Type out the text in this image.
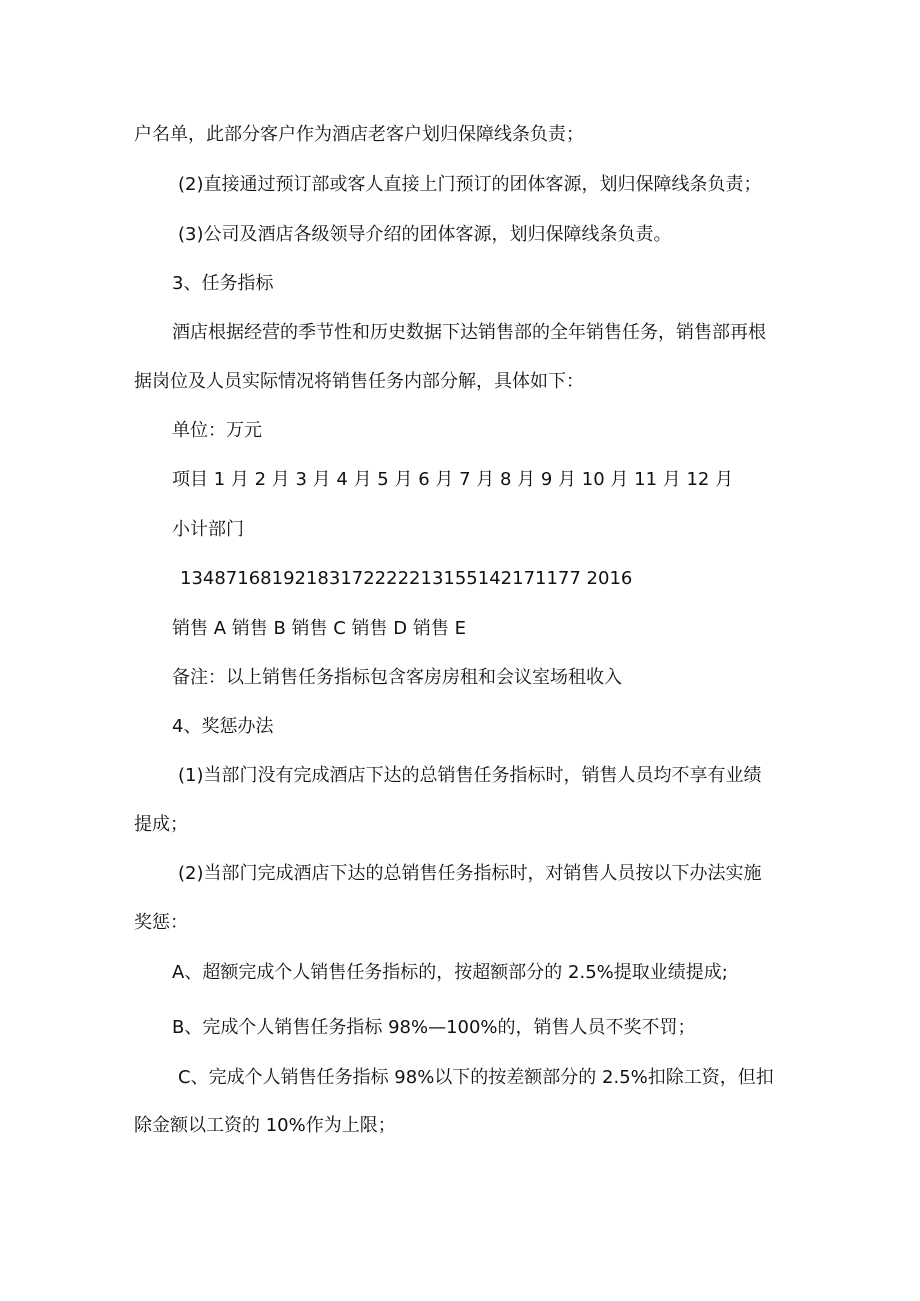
户名单，此部分客户作为酒店老客户划归保障线条负责；
(2)直接通过预订部或客人直接上门预订的团体客源，划归保障线条负责；
(3)公司及酒店各级领导介绍的团体客源，划归保障线条负责。
3、任务指标
酒店根据经营的季节性和历史数据下达销售部的全年销售任务，销售部再根
据岗位及人员实际情况将销售任务内部分解，具体如下：
单位：万元
项目 1 月 2 月 3 月 4 月 5 月 6 月 7 月 8 月 9 月 10 月 11 月 12 月
小计部门
13487168192183172222213155142171177 2016
销售 A 销售 B 销售 C 销售 D 销售 E
备注：以上销售任务指标包含客房房租和会议室场租收入
4、奖惩办法
(1)当部门没有完成酒店下达的总销售任务指标时，销售人员均不享有业绩
提成；
(2)当部门完成酒店下达的总销售任务指标时，对销售人员按以下办法实施
奖惩：
A、超额完成个人销售任务指标的，按超额部分的 2.5%提取业绩提成;
B、完成个人销售任务指标 98%—100%的，销售人员不奖不罚；
C、完成个人销售任务指标 98%以下的按差额部分的 2.5%扣除工资，但扣
除金额以工资的 10%作为上限；
